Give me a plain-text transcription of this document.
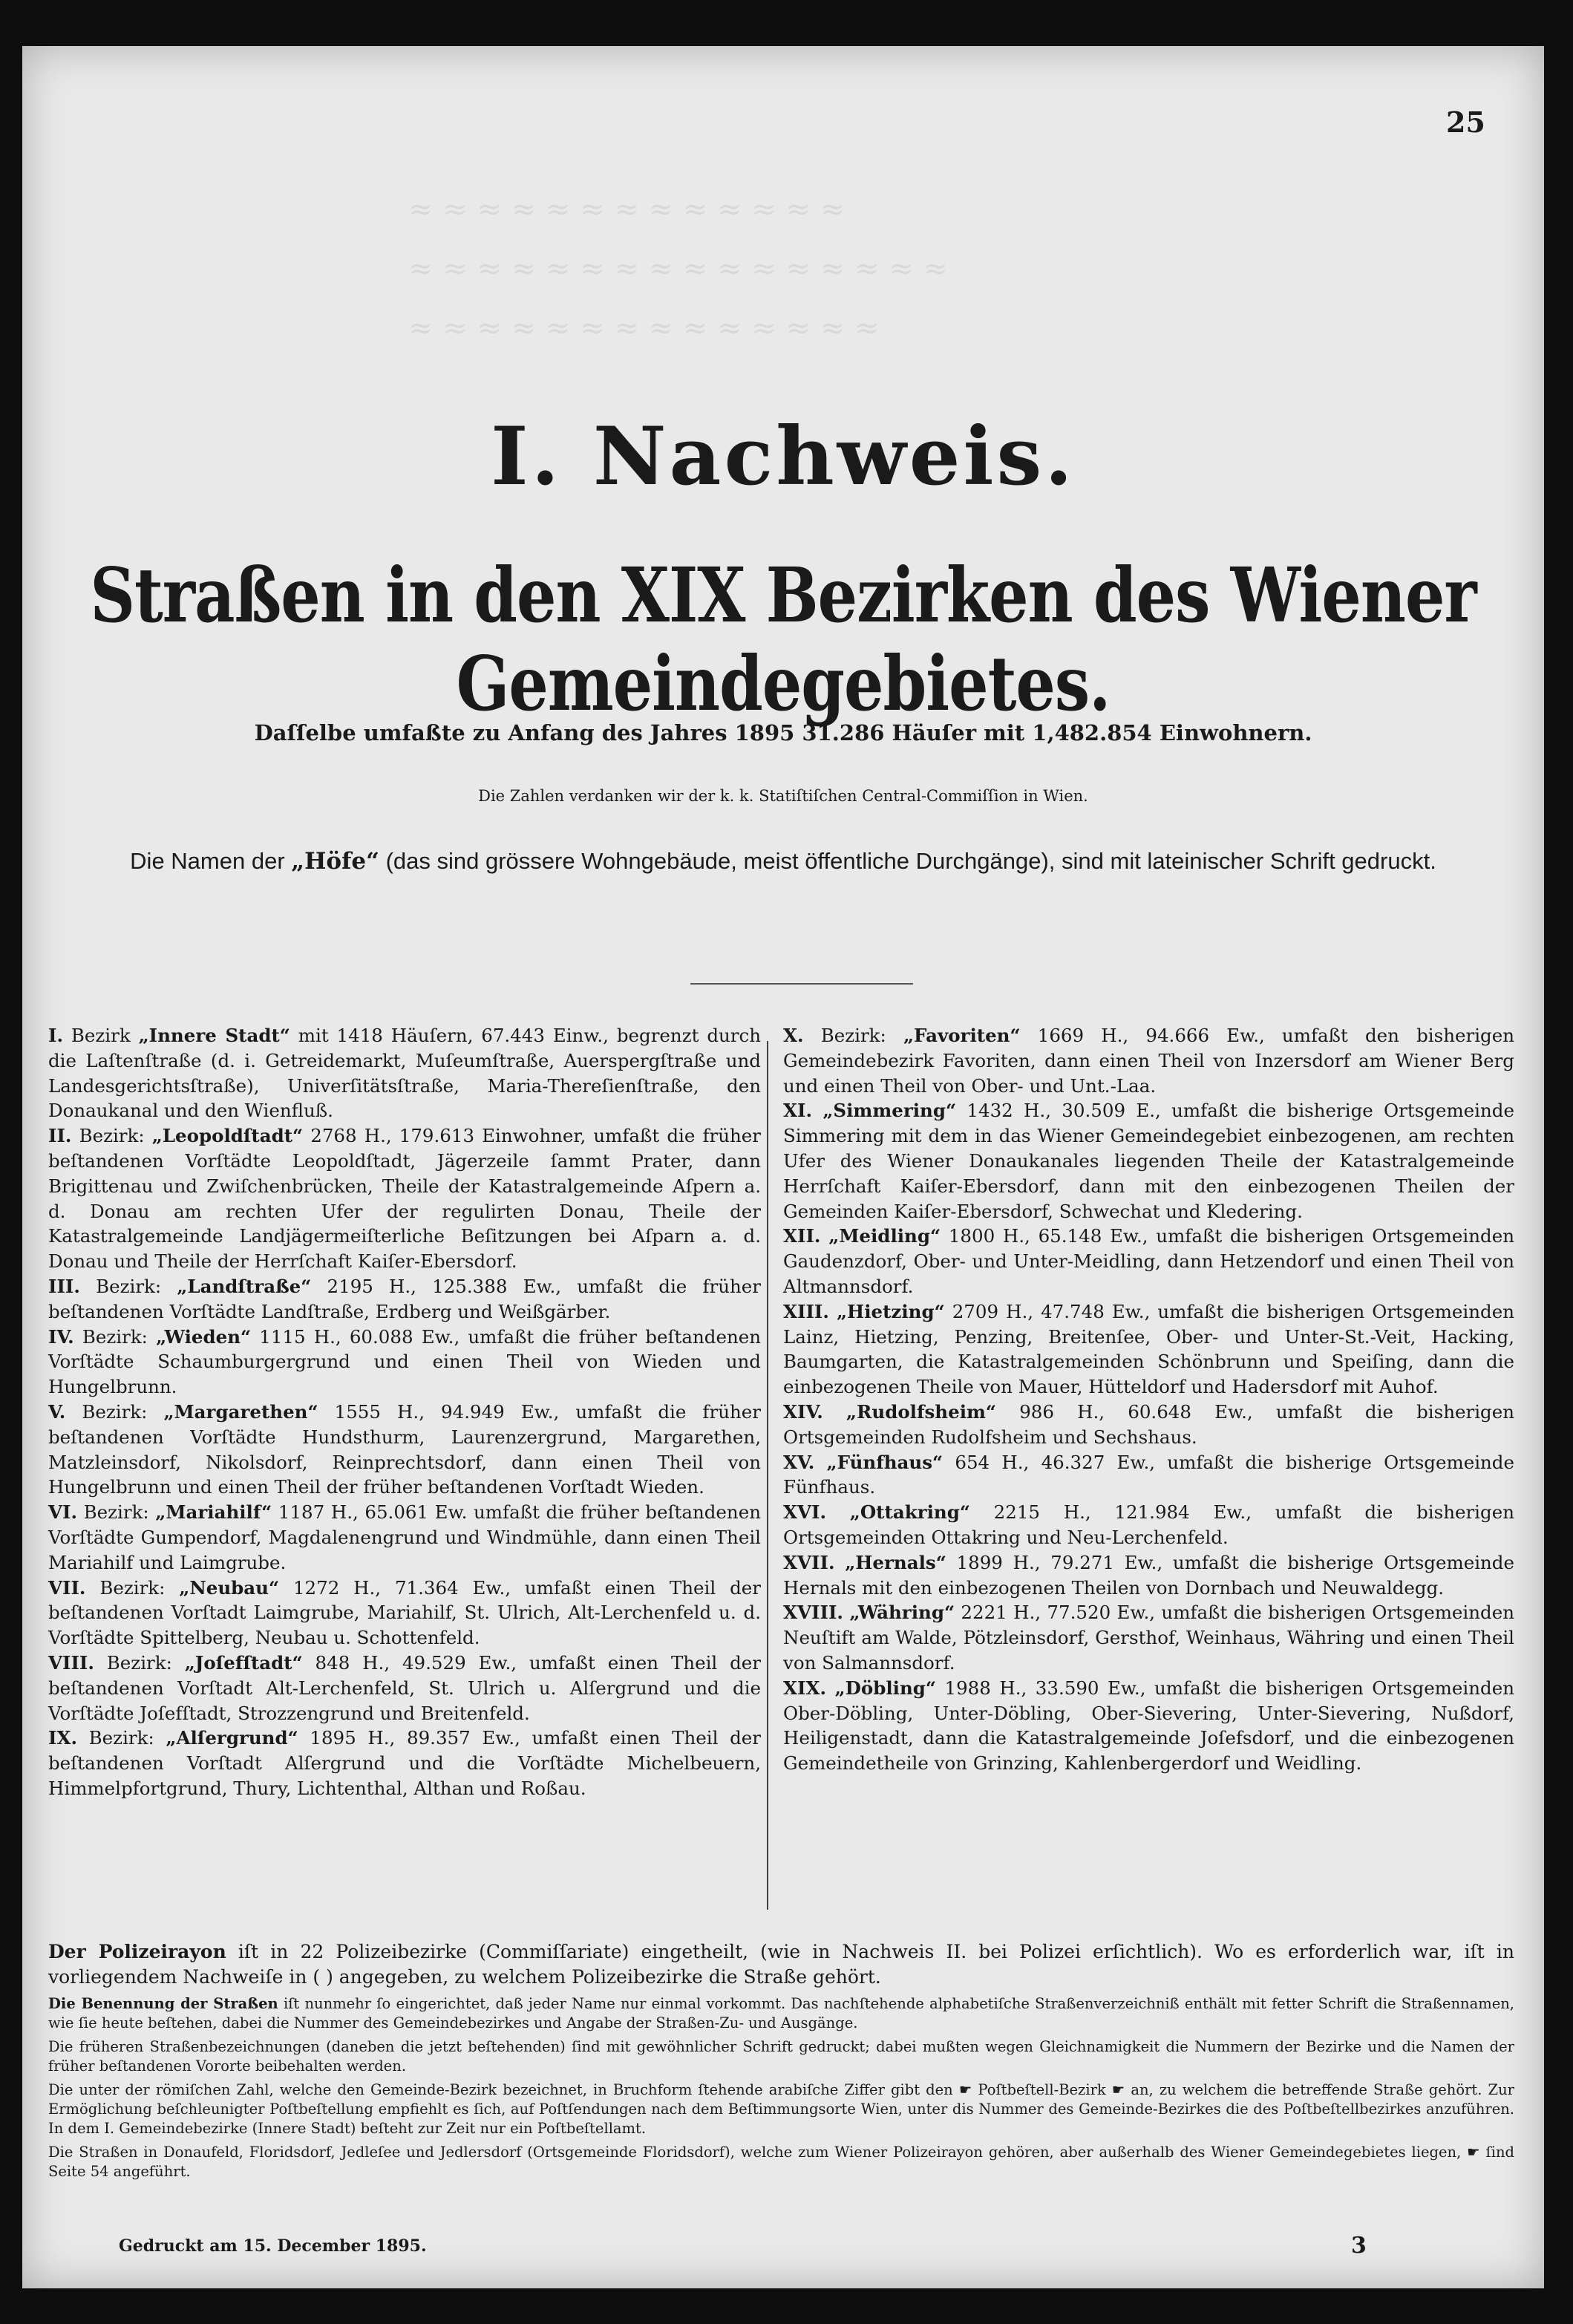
≈ ≈ ≈ ≈ ≈ ≈ ≈ ≈ ≈ ≈ ≈ ≈ ≈
≈ ≈ ≈ ≈ ≈ ≈ ≈ ≈ ≈ ≈ ≈ ≈ ≈ ≈ ≈ ≈
≈ ≈ ≈ ≈ ≈ ≈ ≈ ≈ ≈ ≈ ≈ ≈ ≈ ≈
25
I. Nachweis.
Straßen in den XIX Bezirken des Wiener Gemeindegebietes.
Daſſelbe umfaßte zu Anfang des Jahres 1895 31.286 Häuſer mit 1,482.854 Einwohnern.
Die Zahlen verdanken wir der k. k. Statiſtiſchen Central-Commiſſion in Wien.
Die Namen der „Höfe“ (das sind grössere Wohngebäude, meist öffentliche Durchgänge), sind mit lateinischer Schrift gedruckt.

I. Bezirk „Innere Stadt“ mit 1418 Häuſern, 67.443 Einw., begrenzt durch die Laſtenſtraße (d. i. Getreidemarkt, Muſeumſtraße, Auerspergſtraße und Landesgerichtsſtraße), Univerſitätsſtraße, Maria-Thereſienſtraße, den Donaukanal und den Wienfluß.

II. Bezirk: „Leopoldſtadt“ 2768 H., 179.613 Einwohner, umfaßt die früher beſtandenen Vorſtädte Leopoldſtadt, Jägerzeile ſammt Prater, dann Brigittenau und Zwiſchenbrücken, Theile der Katastralgemeinde Aſpern a. d. Donau am rechten Ufer der regulirten Donau, Theile der Katastralgemeinde Landjägermeiſterliche Beſitzungen bei Aſparn a. d. Donau und Theile der Herrſchaft Kaiſer-Ebersdorf.

III. Bezirk: „Landſtraße“ 2195 H., 125.388 Ew., umfaßt die früher beſtandenen Vorſtädte Landſtraße, Erdberg und Weißgärber.

IV. Bezirk: „Wieden“ 1115 H., 60.088 Ew., umfaßt die früher beſtandenen Vorſtädte Schaumburgergrund und einen Theil von Wieden und Hungelbrunn.

V. Bezirk: „Margarethen“ 1555 H., 94.949 Ew., umfaßt die früher beſtandenen Vorſtädte Hundsthurm, Laurenzergrund, Margarethen, Matzleinsdorf, Nikolsdorf, Reinprechtsdorf, dann einen Theil von Hungelbrunn und einen Theil der früher beſtandenen Vorſtadt Wieden.

VI. Bezirk: „Mariahilf“ 1187 H., 65.061 Ew. umfaßt die früher beſtandenen Vorſtädte Gumpendorf, Magdalenengrund und Windmühle, dann einen Theil Mariahilf und Laimgrube.

VII. Bezirk: „Neubau“ 1272 H., 71.364 Ew., umfaßt einen Theil der beſtandenen Vorſtadt Laimgrube, Mariahilf, St. Ulrich, Alt-Lerchenfeld u. d. Vorſtädte Spittelberg, Neubau u. Schottenfeld.

VIII. Bezirk: „Joſefſtadt“ 848 H., 49.529 Ew., umfaßt einen Theil der beſtandenen Vorſtadt Alt-Lerchenfeld, St. Ulrich u. Alſergrund und die Vorſtädte Joſefſtadt, Strozzengrund und Breitenfeld.

IX. Bezirk: „Alſergrund“ 1895 H., 89.357 Ew., umfaßt einen Theil der beſtandenen Vorſtadt Alſergrund und die Vorſtädte Michelbeuern, Himmelpfortgrund, Thury, Lichtenthal, Althan und Roßau.

X. Bezirk: „Favoriten“ 1669 H., 94.666 Ew., umfaßt den bisherigen Gemeindebezirk Favoriten, dann einen Theil von Inzersdorf am Wiener Berg und einen Theil von Ober- und Unt.-Laa.

XI. „Simmering“ 1432 H., 30.509 E., umfaßt die bisherige Ortsgemeinde Simmering mit dem in das Wiener Gemeindegebiet einbezogenen, am rechten Ufer des Wiener Donaukanales liegenden Theile der Katastralgemeinde Herrſchaft Kaiſer-Ebersdorf, dann mit den einbezogenen Theilen der Gemeinden Kaiſer-Ebersdorf, Schwechat und Kledering.

XII. „Meidling“ 1800 H., 65.148 Ew., umfaßt die bisherigen Ortsgemeinden Gaudenzdorf, Ober- und Unter-Meidling, dann Hetzendorf und einen Theil von Altmannsdorf.

XIII. „Hietzing“ 2709 H., 47.748 Ew., umfaßt die bisherigen Ortsgemeinden Lainz, Hietzing, Penzing, Breitenſee, Ober- und Unter-St.-Veit, Hacking, Baumgarten, die Katastralgemeinden Schönbrunn und Speiſing, dann die einbezogenen Theile von Mauer, Hütteldorf und Hadersdorf mit Auhof.

XIV. „Rudolfsheim“ 986 H., 60.648 Ew., umfaßt die bisherigen Ortsgemeinden Rudolfsheim und Sechshaus.

XV. „Fünfhaus“ 654 H., 46.327 Ew., umfaßt die bisherige Ortsgemeinde Fünfhaus.

XVI. „Ottakring“ 2215 H., 121.984 Ew., umfaßt die bisherigen Ortsgemeinden Ottakring und Neu-Lerchenfeld.

XVII. „Hernals“ 1899 H., 79.271 Ew., umfaßt die bisherige Ortsgemeinde Hernals mit den einbezogenen Theilen von Dornbach und Neuwaldegg.

XVIII. „Währing“ 2221 H., 77.520 Ew., umfaßt die bisherigen Ortsgemeinden Neuſtift am Walde, Pötzleinsdorf, Gersthof, Weinhaus, Währing und einen Theil von Salmannsdorf.

XIX. „Döbling“ 1988 H., 33.590 Ew., umfaßt die bisherigen Ortsgemeinden Ober-Döbling, Unter-Döbling, Ober-Sievering, Unter-Sievering, Nußdorf, Heiligenstadt, dann die Katastralgemeinde Joſefsdorf, und die einbezogenen Gemeindetheile von Grinzing, Kahlenbergerdorf und Weidling.

Der Polizeirayon iſt in 22 Polizeibezirke (Commiſſariate) eingetheilt, (wie in Nachweis II. bei Polizei erſichtlich). Wo es erforderlich war, iſt in vorliegendem Nachweiſe in ( ) angegeben, zu welchem Polizeibezirke die Straße gehört.

Die Benennung der Straßen iſt nunmehr ſo eingerichtet, daß jeder Name nur einmal vorkommt. Das nachſtehende alphabetiſche Straßenverzeichniß enthält mit fetter Schrift die Straßennamen, wie ſie heute beſtehen, dabei die Nummer des Gemeindebezirkes und Angabe der Straßen-Zu- und Ausgänge.

Die früheren Straßenbezeichnungen (daneben die jetzt beſtehenden) ſind mit gewöhnlicher Schrift gedruckt; dabei mußten wegen Gleichnamigkeit die Nummern der Bezirke und die Namen der früher beſtandenen Vororte beibehalten werden.

Die unter der römiſchen Zahl, welche den Gemeinde-Bezirk bezeichnet, in Bruchform ſtehende arabiſche Ziffer gibt den ☛ Poſtbeſtell-Bezirk ☛ an, zu welchem die betreffende Straße gehört. Zur Ermöglichung beſchleunigter Poſtbeſtellung empfiehlt es ſich, auf Poſtſendungen nach dem Beſtimmungsorte Wien, unter dis Nummer des Gemeinde-Bezirkes die des Poſtbeſtellbezirkes anzuführen. In dem I. Gemeindebezirke (Innere Stadt) beſteht zur Zeit nur ein Poſtbeſtellamt.

Die Straßen in Donaufeld, Floridsdorf, Jedleſee und Jedlersdorf (Ortsgemeinde Floridsdorf), welche zum Wiener Polizeirayon gehören, aber außerhalb des Wiener Gemeindegebietes liegen, ☛ ſind Seite 54 angeführt.

Gedruckt am 15. December 1895.	3
